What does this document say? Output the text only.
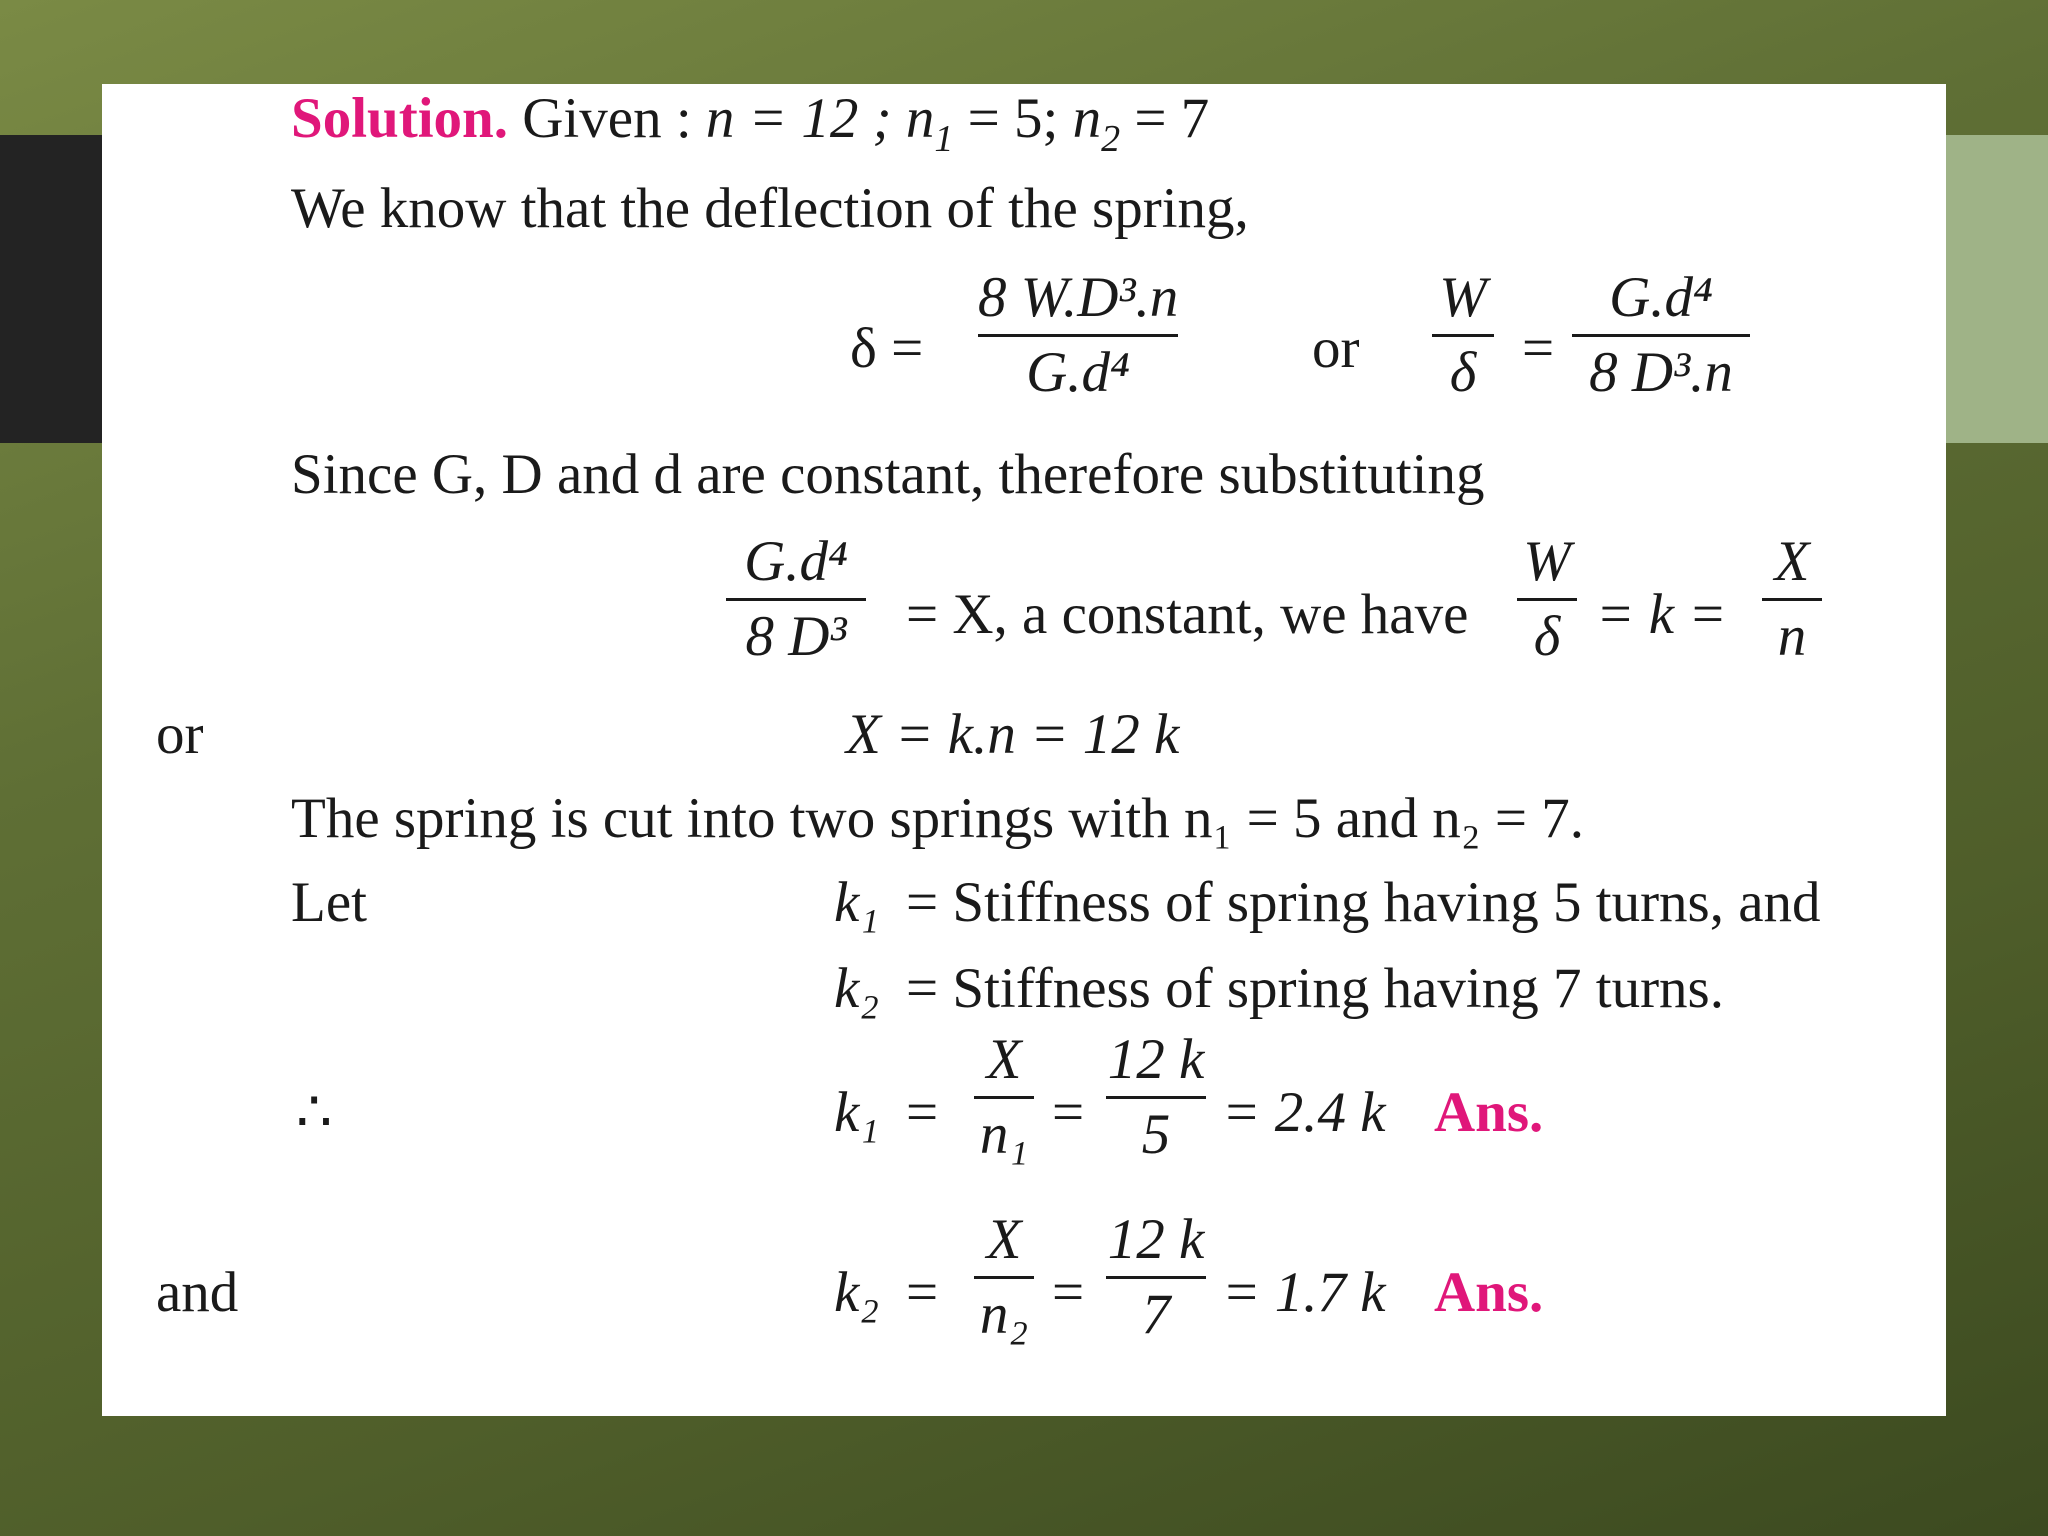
Solution. Given : n = 12 ; $n_1 = 5$; $n_2 = 7$
We know that the deflection of the spring,
δ =
8 W.D³.n
G.d⁴	or
W
δ =
G.d⁴
8 D³.n
Since G, D and d are constant, therefore substituting
G.d⁴
8 D³	= X, a constant, we have
W
δ = k =
X
n
or	X = k.n = 12 k
The spring is cut into two springs with n₁ = 5 and n₂ = 7.
Let	k₁ = Stiffness of spring having 5 turns, and
k₂ = Stiffness of spring having 7 turns.
∴	k₁ =
X
n₁ =
12 k
5 = 2.4 k Ans.
and	k₂ =
X
n₂ =
12 k
7 = 1.7 k Ans.
